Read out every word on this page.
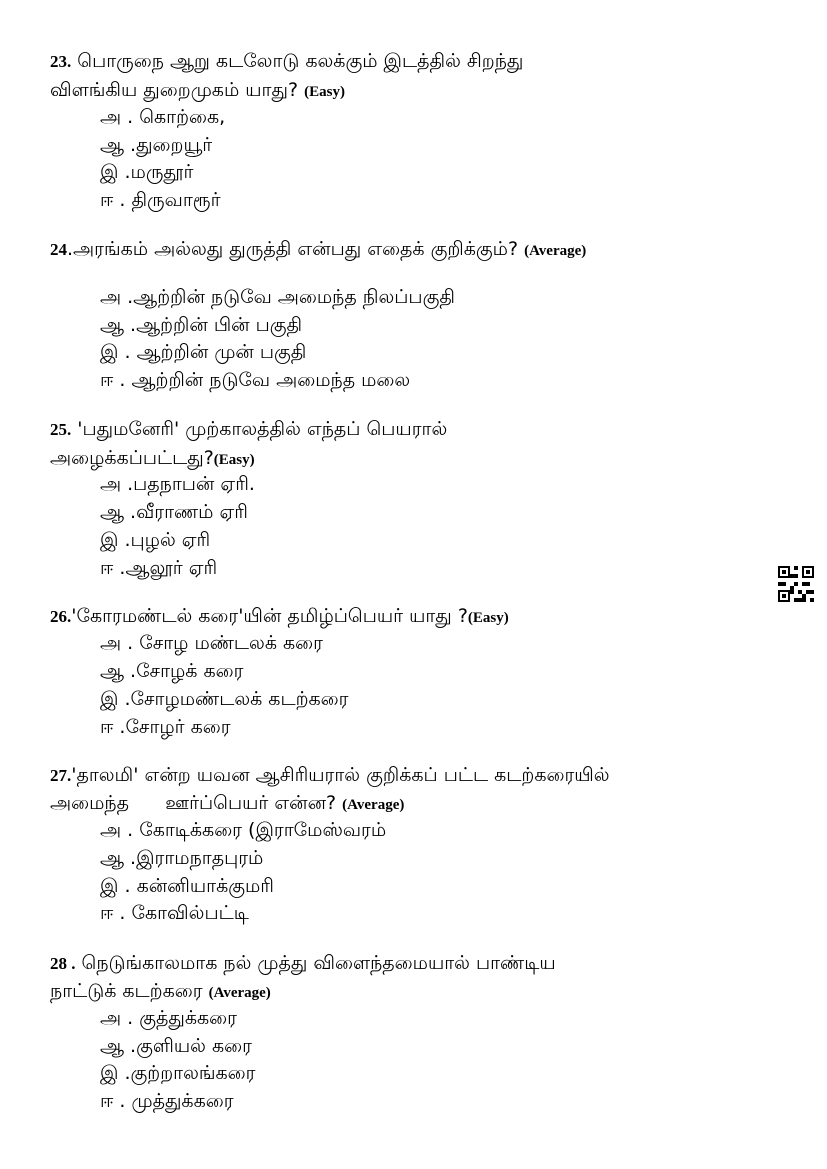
23. பொருநை ஆறு கடலோடு கலக்கும் இடத்தில் சிறந்து
விளங்கிய துறைமுகம் யாது? (Easy)
அ . கொற்கை,
ஆ .துறையூர்
இ .மருதூர்
ஈ . திருவாரூர்
24.அரங்கம் அல்லது துருத்தி என்பது எதைக் குறிக்கும்? (Average)
அ .ஆற்றின் நடுவே அமைந்த நிலப்பகுதி
ஆ .ஆற்றின் பின் பகுதி
இ . ஆற்றின் முன் பகுதி
ஈ . ஆற்றின் நடுவே அமைந்த மலை
25. 'பதுமனேரி' முற்காலத்தில் எந்தப் பெயரால்
அழைக்கப்பட்டது?(Easy)
அ .பதநாபன் ஏரி.
ஆ .வீராணம் ஏரி
இ .புழல் ஏரி
ஈ .ஆலூர் ஏரி
26.'கோரமண்டல் கரை'யின் தமிழ்ப்பெயர் யாது ?(Easy)
அ . சோழ மண்டலக் கரை
ஆ .சோழக் கரை
இ .சோழமண்டலக் கடற்கரை
ஈ .சோழர் கரை
27.'தாலமி' என்ற யவன ஆசிரியரால் குறிக்கப் பட்ட கடற்கரையில்
அமைந்த      ஊர்ப்பெயர் என்ன? (Average)
அ . கோடிக்கரை (இராமேஸ்வரம்
ஆ .இராமநாதபுரம்
இ . கன்னியாக்குமரி
ஈ . கோவில்பட்டி
28 . நெடுங்காலமாக நல் முத்து விளைந்தமையால் பாண்டிய
நாட்டுக் கடற்கரை (Average)
அ . குத்துக்கரை
ஆ .குளியல் கரை
இ .குற்றாலங்கரை
ஈ . முத்துக்கரை
